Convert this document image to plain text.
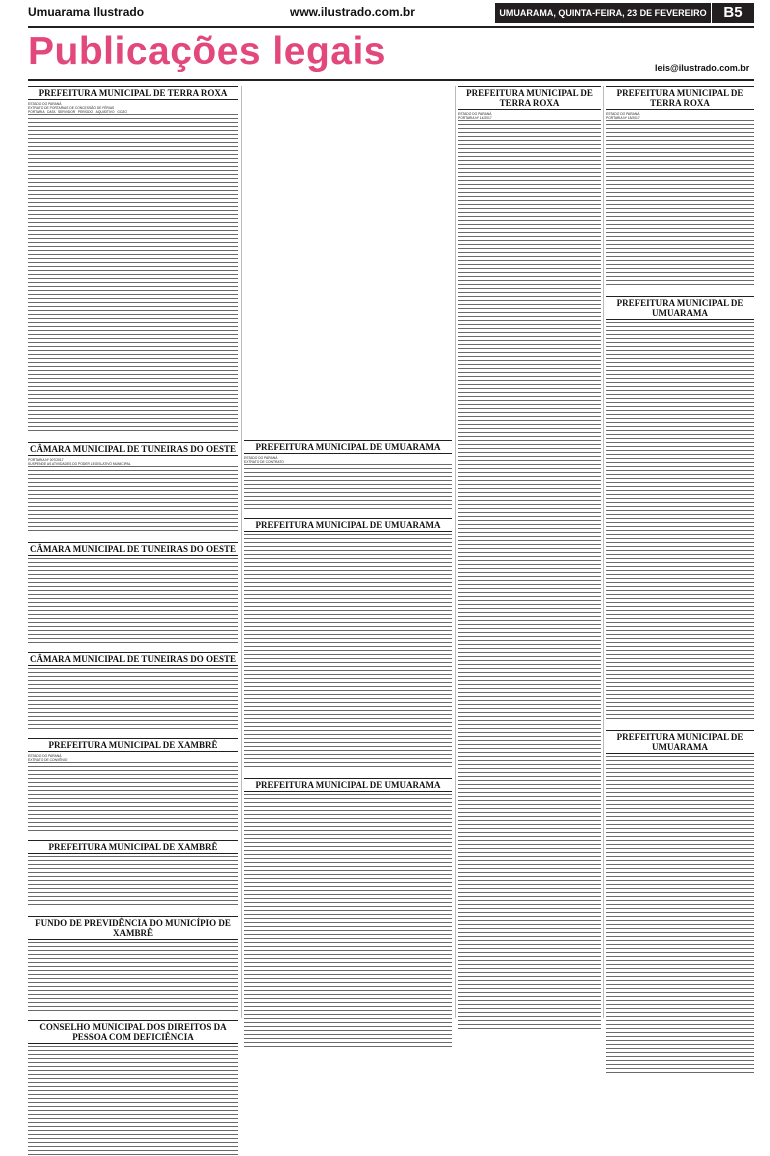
Umuarama Ilustrado	www.ilustrado.com.br	UMUARAMA, QUINTA-FEIRA, 23 DE FEVEREIRO DE 2017
B5
Publicações legais	leis@ilustrado.com.br
PREFEITURA MUNICIPAL DE TERRA ROXA
ESTADO DO PARANÁ
EXTRATO DE PORTARIAS DE CONCESSÃO DE FÉRIAS
PORTARIA   DATA   SERVIDOR   PERÍODO   AQUISITIVO   GOZO
CÂMARA MUNICIPAL DE TUNEIRAS DO OESTE
PORTARIA Nº 007/2017
SUSPENDE AS ATIVIDADES DO PODER LEGISLATIVO MUNICIPAL
CÂMARA MUNICIPAL DE TUNEIRAS DO OESTE
CÂMARA MUNICIPAL DE TUNEIRAS DO OESTE
PREFEITURA MUNICIPAL DE XAMBRÊ
ESTADO DO PARANÁ
EXTRATO DE CONVÊNIO
PREFEITURA MUNICIPAL DE XAMBRÊ
FUNDO DE PREVIDÊNCIA DO MUNICÍPIO DE XAMBRÊ
CONSELHO MUNICIPAL DOS DIREITOS DA PESSOA COM DEFICIÊNCIA
PREFEITURA MUNICIPAL DE UMUARAMA
ESTADO DO PARANÁ
EXTRATO DE CONTRATO
PREFEITURA MUNICIPAL DE UMUARAMA
PREFEITURA MUNICIPAL DE UMUARAMA
PREFEITURA MUNICIPAL DE TERRA ROXA
ESTADO DO PARANÁ
PORTARIA Nº 14/2017
PREFEITURA MUNICIPAL DE TERRA ROXA
ESTADO DO PARANÁ
PORTARIA Nº 18/2017
PREFEITURA MUNICIPAL DE UMUARAMA
PREFEITURA MUNICIPAL DE UMUARAMA
